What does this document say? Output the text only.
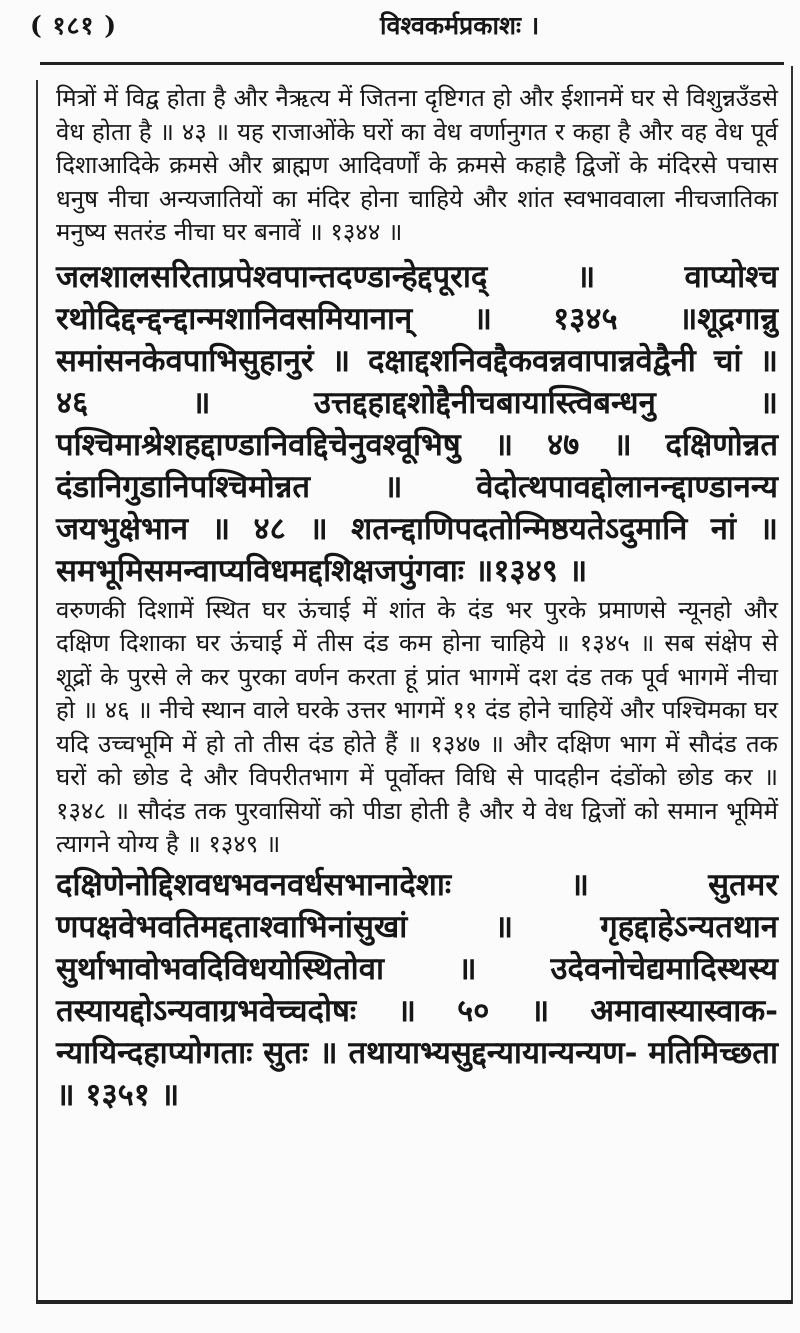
( १८१ )	विश्वकर्मप्रकाशः ।

मित्रों में विद्व होता है और नैऋत्य में जितना दृष्टिगत हो और ईशानमें घर से विशुन्नउँडसे वेध होता है ॥ ४३ ॥ यह राजाओंके घरों का वेध वर्णानुगत र कहा है और वह वेध पूर्व दिशाआदिके क्रमसे और ब्राह्मण आदिवर्णों के क्रमसे कहाहै द्विजों के मंदिरसे पचास धनुष नीचा अन्यजातियों का मंदिर होना चाहिये और शांत स्वभाववाला नीचजातिका मनुष्य सतरंड नीचा घर बनावें ॥ १३४४ ॥

जलशालसरिताप्रपेश्वपान्तदण्डान्हेद्दपूराद् ॥ वाप्योश्च रथोदिद्दन्द्दन्द्दान्मशानिवसमियानान् ॥ १३४५ ॥शूद्रगान्नु समांसनकेवपाभिसुहानुरं ॥ दक्षाद्दशनिवद्दैकवन्नवापान्नवेद्वैनी चां ॥ ४६ ॥ उत्तद्दहाद्दशोद्दैनीचबायास्त्विबन्धनु ॥ पश्चिमाश्रेशहद्दाण्डानिवद्दिचेनुवश्वूभिषु ॥ ४७ ॥ दक्षिणोन्नत दंडानिगुडानिपश्चिमोन्नत ॥ वेदोत्थपावद्दोलानन्द्दाण्डानन्य जयभुक्षेभान ॥ ४८ ॥ शतन्द्दाणिपदतोन्मिष्ठयतेऽदुमानि नां ॥ समभूमिसमन्वाप्यविधमद्दशिक्षजपुंगवाः ॥१३४९ ॥

वरुणकी दिशामें स्थित घर ऊंचाई में शांत के दंड भर पुरके प्रमाणसे न्यूनहो और दक्षिण दिशाका घर ऊंचाई में तीस दंड कम होना चाहिये ॥ १३४५ ॥ सब संक्षेप से शूद्रों के पुरसे ले कर पुरका वर्णन करता हूं प्रांत भागमें दश दंड तक पूर्व भागमें नीचा हो ॥ ४६ ॥ नीचे स्थान वाले घरके उत्तर भागमें ११ दंड होने चाहियें और पश्चिमका घर यदि उच्चभूमि में हो तो तीस दंड होते हैं ॥ १३४७ ॥ और दक्षिण भाग में सौदंड तक घरों को छोड दे और विपरीतभाग में पूर्वोक्त विधि से पादहीन दंडोंको छोड कर ॥ १३४८ ॥ सौदंड तक पुरवासियों को पीडा होती है और ये वेध द्विजों को समान भूमिमें त्यागने योग्य है ॥ १३४९ ॥

दक्षिणेनोद्दिशवधभवनवर्धसभानादेशाः ॥ सुतमर णपक्षवेभवतिमद्दताश्वाभिनांसुखां ॥ गृहद्दाहेऽन्यतथान सुर्थाभावोभवदिविधयोस्थितोवा ॥ उदेवनोचेद्यमादिस्थस्य तस्यायद्दोऽन्यवाग्रभवेच्चदोषः ॥ ५० ॥ अमावास्यास्वाक- न्यायिन्दहाप्योगताः सुतः ॥ तथायाभ्यसुद्दन्यायान्यन्यण- मतिमिच्छता ॥ १३५१ ॥
